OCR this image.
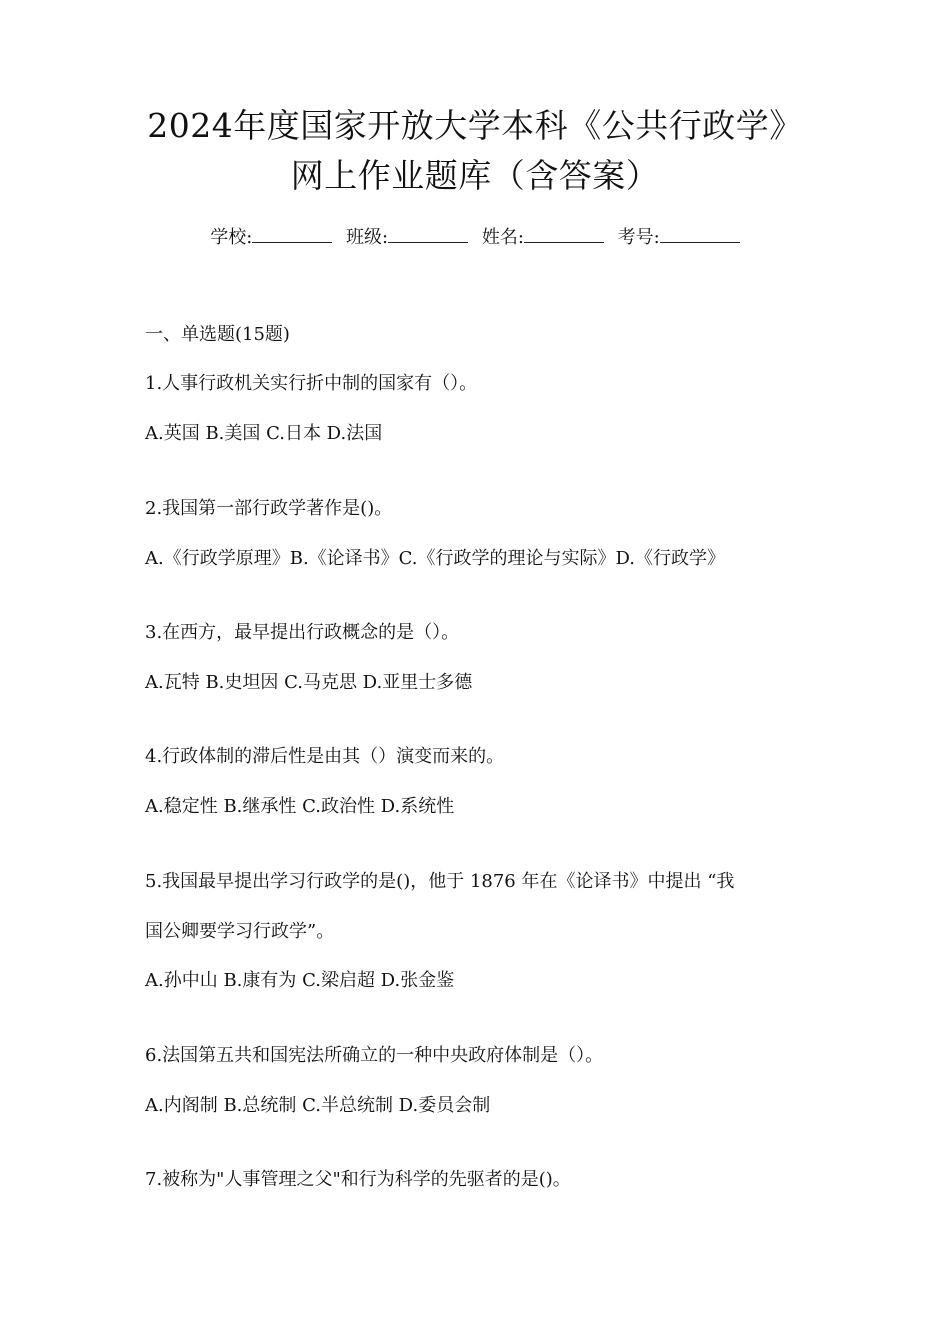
2024年度国家开放大学本科《公共行政学》
网上作业题库（含答案）
学校:	班级:	姓名:	考号:
一、单选题(15题)
1.人事行政机关实行折中制的国家有（）。
A.英国 B.美国 C.日本 D.法国
2.我国第一部行政学著作是()。
A.《行政学原理》B.《论译书》C.《行政学的理论与实际》D.《行政学》
3.在西方，最早提出行政概念的是（）。
A.瓦特 B.史坦因 C.马克思 D.亚里士多德
4.行政体制的滞后性是由其（）演变而来的。
A.稳定性 B.继承性 C.政治性 D.系统性
5.我国最早提出学习行政学的是()，他于 1876 年在《论译书》中提出 “我
国公卿要学习行政学”。
A.孙中山 B.康有为 C.梁启超 D.张金鉴
6.法国第五共和国宪法所确立的一种中央政府体制是（）。
A.内阁制 B.总统制 C.半总统制 D.委员会制
7.被称为"人事管理之父"和行为科学的先驱者的是()。
